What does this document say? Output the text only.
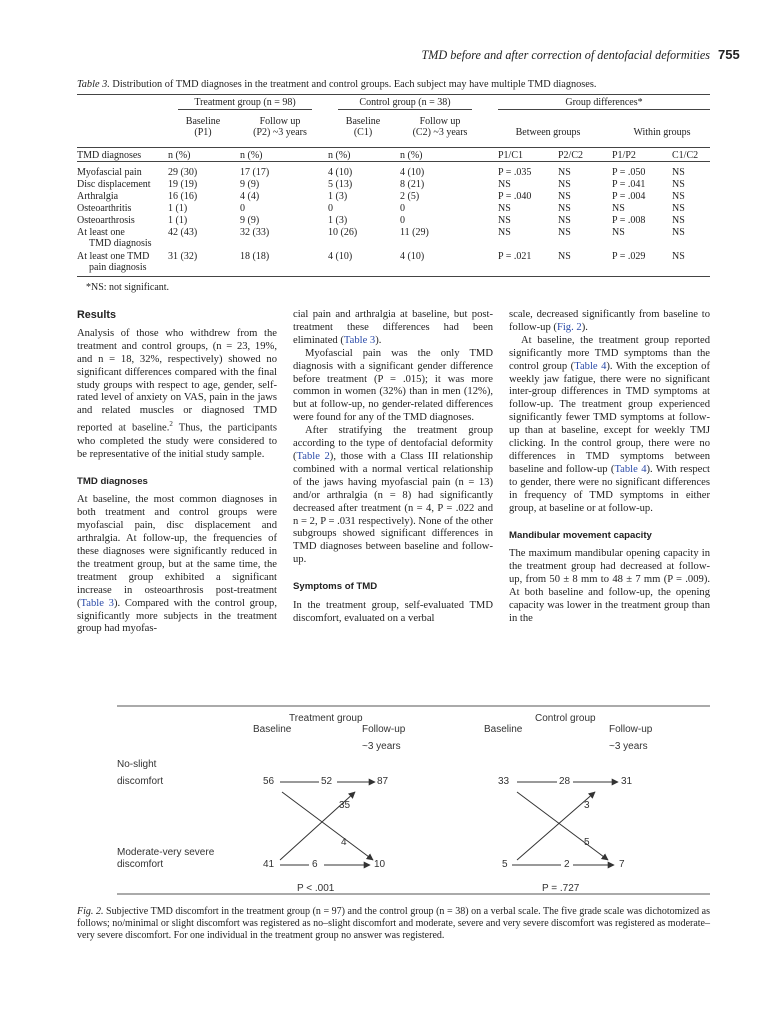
TMD before and after correction of dentofacial deformities 755
Table 3. Distribution of TMD diagnoses in the treatment and control groups. Each subject may have multiple TMD diagnoses.
Treatment group (n = 98)	Control group (n = 38)	Group differences*
Baseline
(P1)
Follow up
(P2) ~3 years
Baseline	Follow up
(C1)	(C2) ~3 years	Between groups	Within groups
TMD diagnoses	n (%)	n (%)	n (%)	n (%)	P1/C1	P2/C2	P1/P2	C1/C2
Myofascial pain	29 (30)	17 (17)	4 (10)	4 (10)	P = .035	NS	P = .050	NS
Disc displacement 19 (19)	9 (9)	5 (13)	8 (21)	NS	NS	P = .041	NS
Arthralgia	16 (16)	4 (4)	1 (3)	2 (5)	P = .040	NS	P = .004	NS
Osteoarthritis	1 (1)	0	0	0	NS	NS	NS	NS
Osteoarthrosis	1 (1)	9 (9)	1 (3)	0	NS	NS	P = .008	NS
At least one
TMD diagnosis
42 (43)	32 (33)	10 (26)	11 (29)	NS	NS	NS	NS
At least one TMD
pain diagnosis
31 (32)	18 (18)	4 (10)	4 (10)	P = .021	NS	P = .029	NS
*NS: not significant.

Results

Analysis of those who withdrew from the treatment and control groups, (n = 23, 19%, and n = 18, 32%, respectively) showed no significant differences compared with the final study groups with respect to age, gender, self-rated level of anxiety on VAS, pain in the jaws and related muscles or diagnosed TMD reported at baseline.$^2$ Thus, the participants who completed the study were considered to be representative of the initial study sample.

TMD diagnoses

At baseline, the most common diagnoses in both treatment and control groups were myofascial pain, disc displacement and arthralgia. At follow-up, the frequencies of these diagnoses were significantly reduced in the treatment group, but at the same time, the treatment group exhibited a significant increase in osteoarthrosis post-treatment (Table 3). Compared with the control group, significantly more subjects in the treatment group had myofas-

cial pain and arthralgia at baseline, but post-treatment these differences had been eliminated (Table 3).

Myofascial pain was the only TMD diagnosis with a significant gender difference before treatment (P = .015); it was more common in women (32%) than in men (12%), but at follow-up, no gender-related differences were found for any of the TMD diagnoses.

After stratifying the treatment group according to the type of dentofacial deformity (Table 2), those with a Class III relationship combined with a normal vertical relationship of the jaws having myofascial pain (n = 13) and/or arthralgia (n = 8) had significantly decreased after treatment (n = 4, P = .022 and n = 2, P = .031 respectively). None of the other subgroups showed significant differences in TMD diagnoses between baseline and follow-up.

Symptoms of TMD

In the treatment group, self-evaluated TMD discomfort, evaluated on a verbal

scale, decreased significantly from baseline to follow-up (Fig. 2).

At baseline, the treatment group reported significantly more TMD symptoms than the control group (Table 4). With the exception of weekly jaw fatigue, there were no significant inter-group differences in TMD symptoms at follow-up. The treatment group experienced significantly fewer TMD symptoms at follow-up than at baseline, except for weekly TMJ clicking. In the control group, there were no differences in TMD symptoms between baseline and follow-up (Table 4). With respect to gender, there were no significant differences in frequency of TMD symptoms in either group, at baseline or at follow-up.

Mandibular movement capacity

The maximum mandibular opening capacity in the treatment group had decreased at follow-up, from 50 ± 8 mm to 48 ± 7 mm (P = .009). At both baseline and follow-up, the opening capacity was lower in the treatment group than in the

Treatment group	Control group
Baseline	Follow-up
~3 years
Baseline	Follow-up
~3 years
No-slight
discomfort
Moderate-very severe
discomfort
56	52	87
35
4
41	6	10
P < .001
33	28	31
3
5
5	2	7
P = .727
Fig. 2. Subjective TMD discomfort in the treatment group (n = 97) and the control group (n = 38) on a verbal scale. The five grade scale was dichotomized as follows; no/minimal or slight discomfort was registered as no–slight discomfort and moderate, severe and very severe discomfort was registered as moderate–very severe discomfort. For one individual in the treatment group no answer was registered.
